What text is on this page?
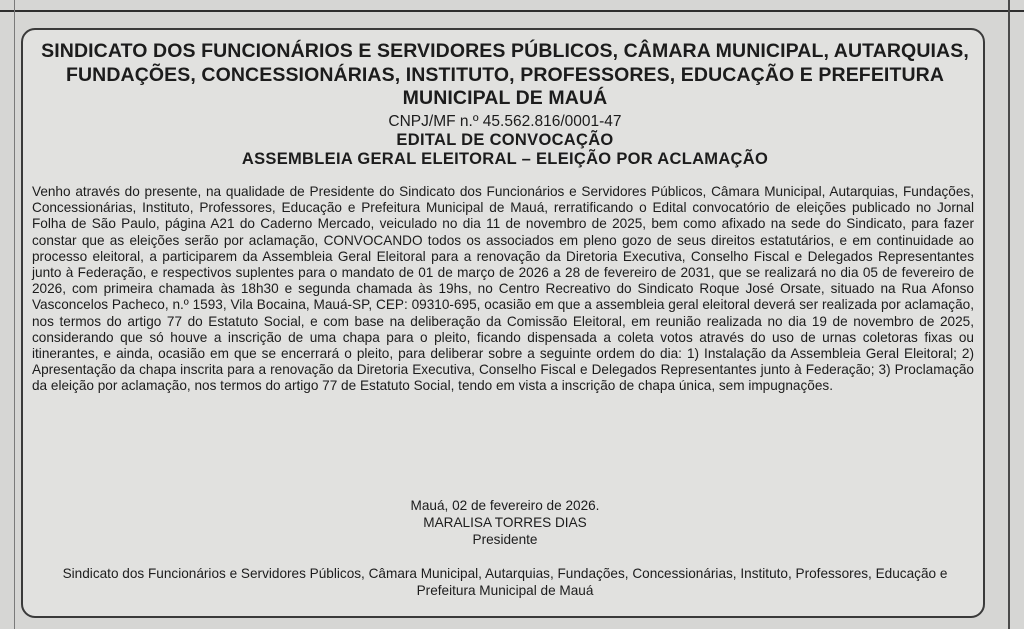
SINDICATO DOS FUNCIONÁRIOS E SERVIDORES PÚBLICOS, CÂMARA MUNICIPAL, AUTARQUIAS, FUNDAÇÕES, CONCESSIONÁRIAS, INSTITUTO, PROFESSORES, EDUCAÇÃO E PREFEITURA MUNICIPAL DE MAUÁ

CNPJ/MF n.º 45.562.816/0001-47

EDITAL DE CONVOCAÇÃO

ASSEMBLEIA GERAL ELEITORAL – ELEIÇÃO POR ACLAMAÇÃO

Venho através do presente, na qualidade de Presidente do Sindicato dos Funcionários e Servidores Públicos, Câmara Municipal, Autarquias, Fundações, Concessionárias, Instituto, Professores, Educação e Prefeitura Municipal de Mauá, rerratificando o Edital convocatório de eleições publicado no Jornal Folha de São Paulo, página A21 do Caderno Mercado, veiculado no dia 11 de novembro de 2025, bem como afixado na sede do Sindicato, para fazer constar que as eleições serão por aclamação, CONVOCANDO todos os associados em pleno gozo de seus direitos estatutários, e em continuidade ao processo eleitoral, a participarem da Assembleia Geral Eleitoral para a renovação da Diretoria Executiva, Conselho Fiscal e Delegados Representantes junto à Federação, e respectivos suplentes para o mandato de 01 de março de 2026 a 28 de fevereiro de 2031, que se realizará no dia 05 de fevereiro de 2026, com primeira chamada às 18h30 e segunda chamada às 19hs, no Centro Recreativo do Sindicato Roque José Orsate, situado na Rua Afonso Vasconcelos Pacheco, n.º 1593, Vila Bocaina, Mauá-SP, CEP: 09310-695, ocasião em que a assembleia geral eleitoral deverá ser realizada por aclamação, nos termos do artigo 77 do Estatuto Social, e com base na deliberação da Comissão Eleitoral, em reunião realizada no dia 19 de novembro de 2025, considerando que só houve a inscrição de uma chapa para o pleito, ficando dispensada a coleta votos através do uso de urnas coletoras fixas ou itinerantes, e ainda, ocasião em que se encerrará o pleito, para deliberar sobre a seguinte ordem do dia: 1) Instalação da Assembleia Geral Eleitoral; 2) Apresentação da chapa inscrita para a renovação da Diretoria Executiva, Conselho Fiscal e Delegados Representantes junto à Federação; 3) Proclamação da eleição por aclamação, nos termos do artigo 77 de Estatuto Social, tendo em vista a inscrição de chapa única, sem impugnações.

Mauá, 02 de fevereiro de 2026.

MARALISA TORRES DIAS

Presidente

Sindicato dos Funcionários e Servidores Públicos, Câmara Municipal, Autarquias, Fundações, Concessionárias, Instituto, Professores, Educação e Prefeitura Municipal de Mauá
